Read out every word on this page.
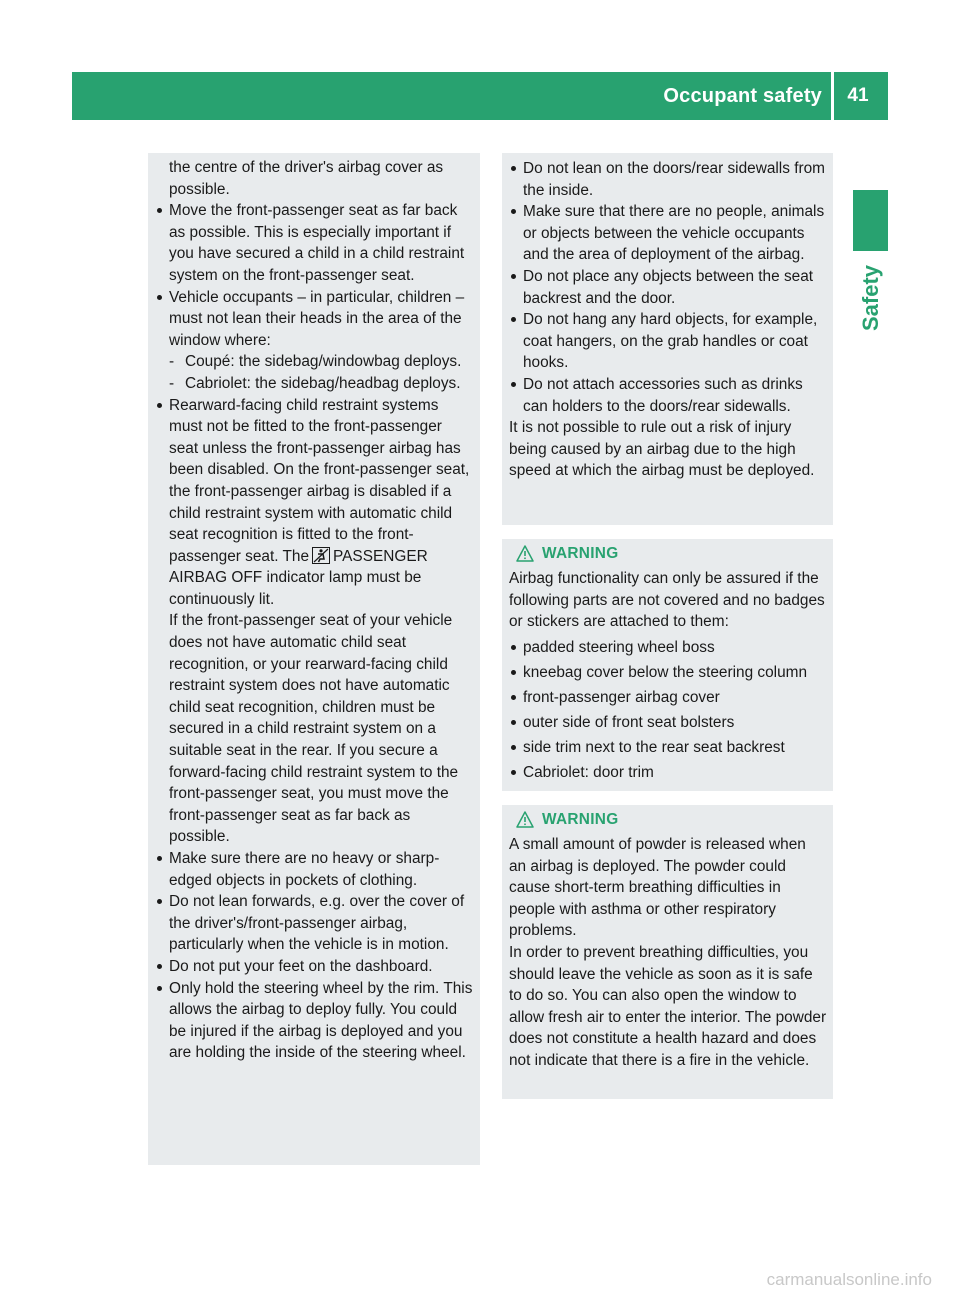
Occupant safety	41
Safety

the centre of the driver's airbag cover as
possible.

Move the front-passenger seat as far back as possible. This is especially important if you have secured a child in a child restraint system on the front-passenger seat.

Vehicle occupants – in particular, children – must not lean their heads in the area of the window where:

- Coupé: the sidebag/windowbag deploys.

- Cabriolet: the sidebag/headbag deploys.

Rearward-facing child restraint systems must not be fitted to the front-passenger seat unless the front-passenger airbag has been disabled. On the front-passenger seat, the front-passenger airbag is disabled if a child restraint system with automatic child seat recognition is fitted to the front-passenger seat. The PASSENGER AIRBAG OFF indicator lamp must be continuously lit.

If the front-passenger seat of your vehicle does not have automatic child seat recognition, or your rearward-facing child restraint system does not have automatic child seat recognition, children must be secured in a child restraint system on a suitable seat in the rear. If you secure a forward-facing child restraint system to the front-passenger seat, you must move the front-passenger seat as far back as possible.

Make sure there are no heavy or sharp-edged objects in pockets of clothing.

Do not lean forwards, e.g. over the cover of the driver's/front-passenger airbag, particularly when the vehicle is in motion.

Do not put your feet on the dashboard.

Only hold the steering wheel by the rim. This allows the airbag to deploy fully. You could be injured if the airbag is deployed and you are holding the inside of the steering wheel.

Do not lean on the doors/rear sidewalls from the inside.

Make sure that there are no people, animals or objects between the vehicle occupants and the area of deployment of the airbag.

Do not place any objects between the seat backrest and the door.

Do not hang any hard objects, for example, coat hangers, on the grab handles or coat hooks.

Do not attach accessories such as drinks can holders to the doors/rear sidewalls.

It is not possible to rule out a risk of injury being caused by an airbag due to the high speed at which the airbag must be deployed.

WARNING

Airbag functionality can only be assured if the following parts are not covered and no badges or stickers are attached to them:

padded steering wheel boss

kneebag cover below the steering column

front-passenger airbag cover

outer side of front seat bolsters

side trim next to the rear seat backrest

Cabriolet: door trim

WARNING

A small amount of powder is released when an airbag is deployed. The powder could cause short-term breathing difficulties in people with asthma or other respiratory problems.

In order to prevent breathing difficulties, you should leave the vehicle as soon as it is safe to do so. You can also open the window to allow fresh air to enter the interior. The powder does not constitute a health hazard and does not indicate that there is a fire in the vehicle.

carmanualsonline.info
